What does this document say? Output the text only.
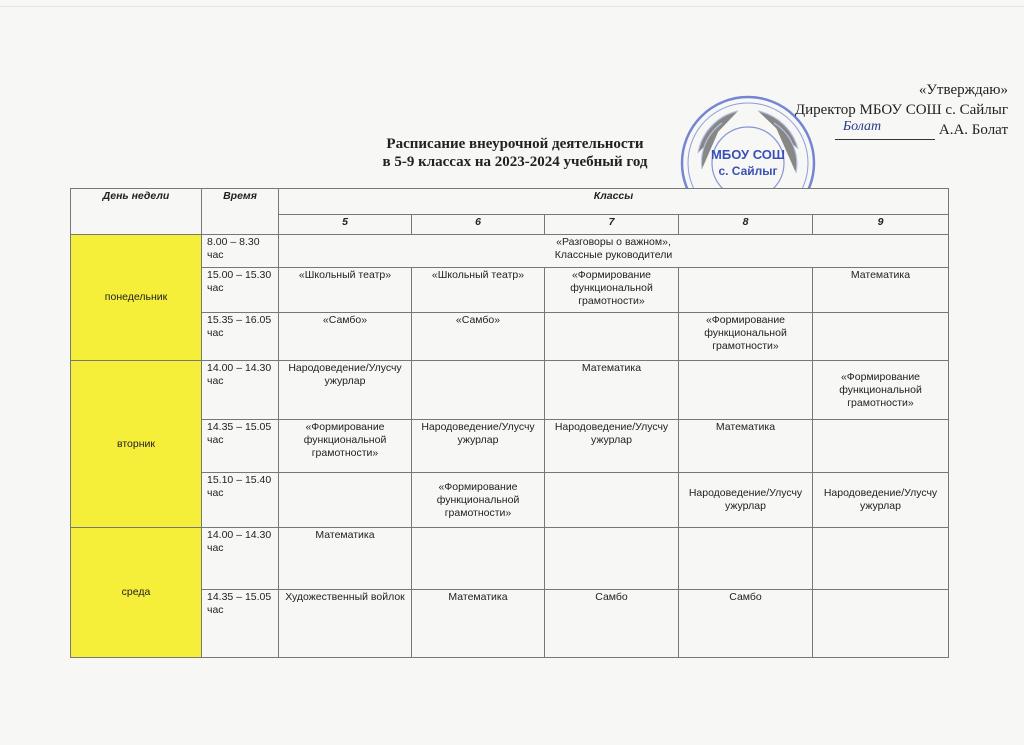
«Утверждаю»
Директор МБОУ СОШ с. Сайлыг
Болат	А.А. Болат
МБОУ СОШ
с. Сайлыг
Расписание внеурочной деятельности
в 5-9 классах на 2023-2024 учебный год
День недели	Время	Классы				
		5	6	7	8	9
понедельник	8.00 – 8.30 час	«Разговоры о важном»,
Классные руководители				

	15.00 – 15.30 час	«Школьный театр»	«Школьный театр»	«Формирование функциональной грамотности»		Математика
	15.35 – 16.05 час	«Самбо»	«Самбо»		«Формирование функциональной грамотности»	
вторник	14.00 – 14.30 час	Народоведение/Улусчу ужурлар		Математика		«Формирование функциональной грамотности»
	14.35 – 15.05 час	«Формирование функциональной грамотности»	Народоведение/Улусчу ужурлар	Народоведение/Улусчу ужурлар	Математика	
	15.10 – 15.40 час		«Формирование функциональной грамотности»		Народоведение/Улусчу ужурлар	Народоведение/Улусчу ужурлар
среда	14.00 – 14.30 час	Математика				
	14.35 – 15.05 час	Художественный войлок	Математика	Самбо	Самбо	
